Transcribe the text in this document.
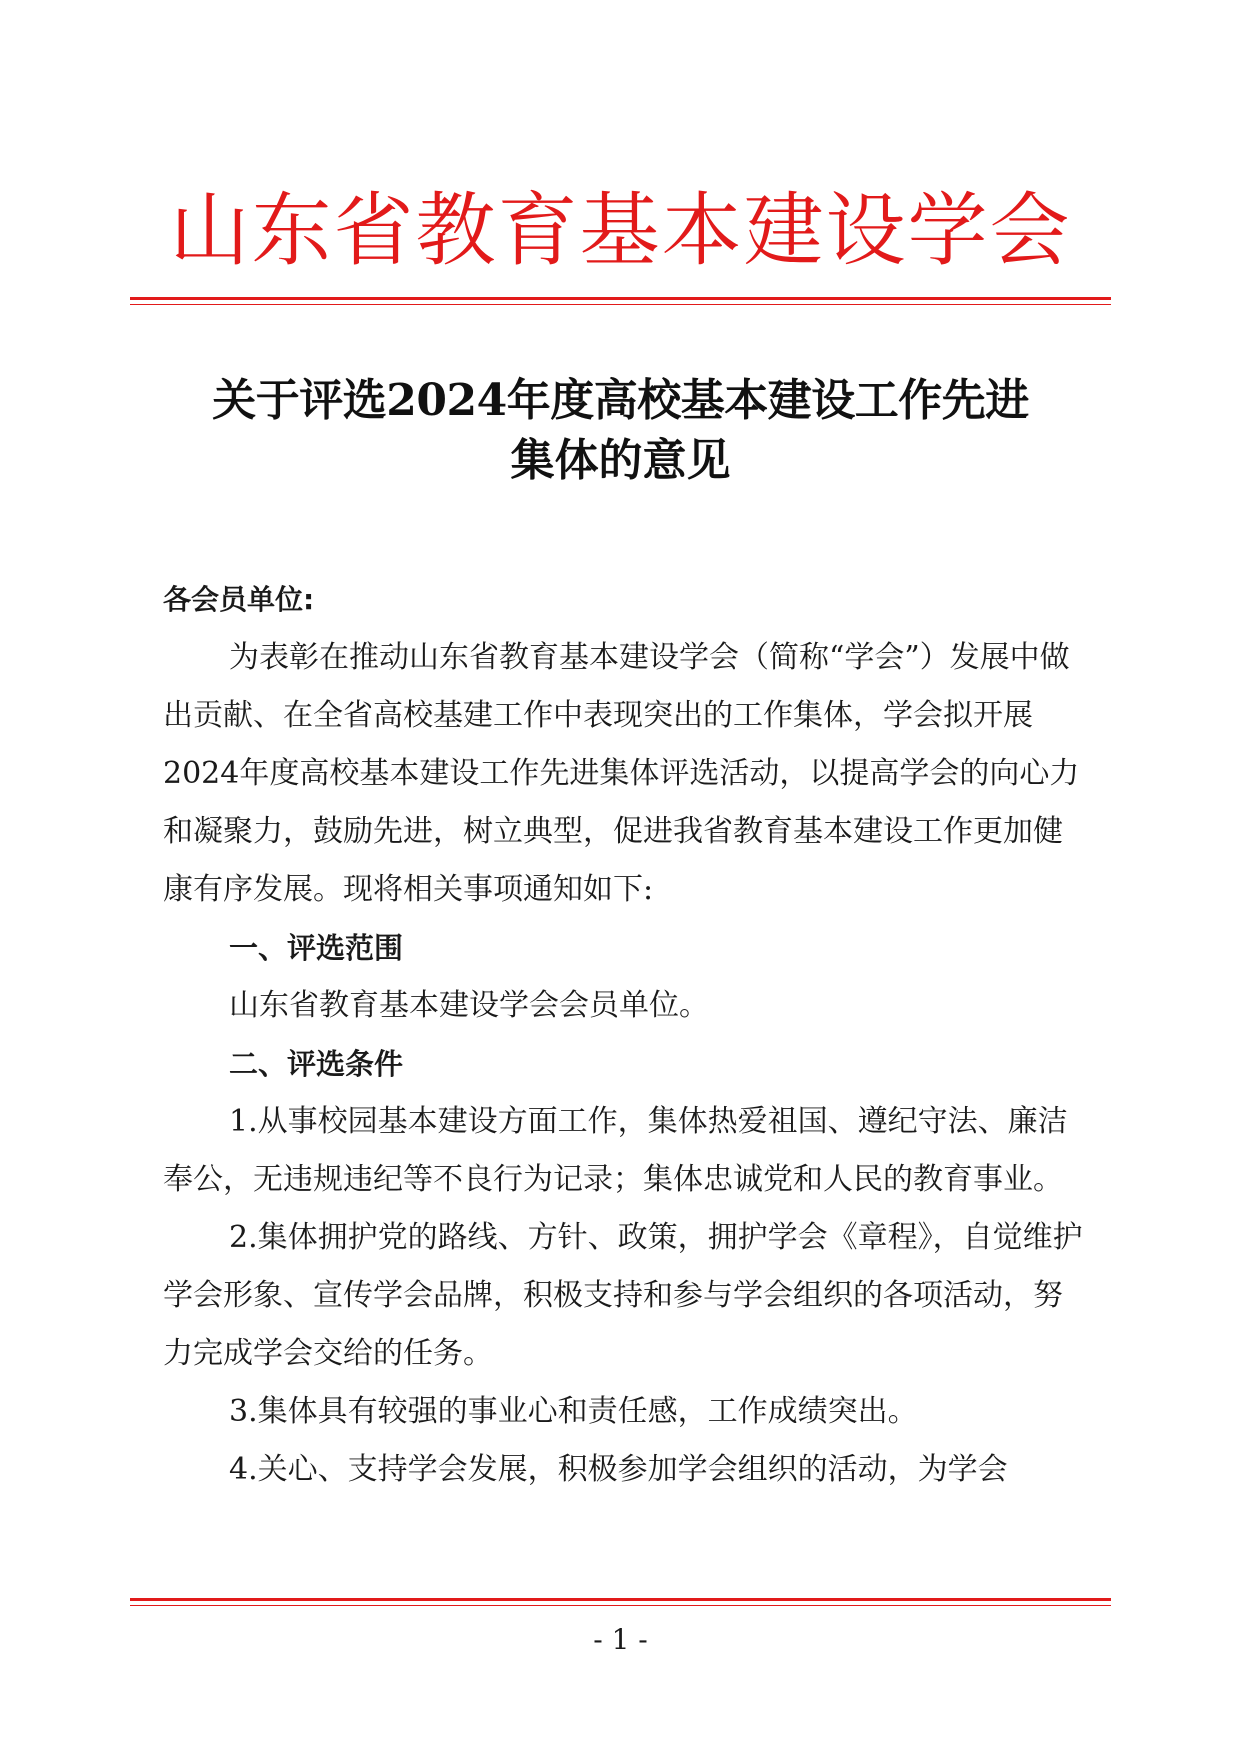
山东省教育基本建设学会
关于评选2024年度高校基本建设工作先进
集体的意见

各会员单位:

为表彰在推动山东省教育基本建设学会（简称“学会”）发展中做出贡献、在全省高校基建工作中表现突出的工作集体，学会拟开展 2024年度高校基本建设工作先进集体评选活动，以提高学会的向心力和凝聚力，鼓励先进，树立典型，促进我省教育基本建设工作更加健康有序发展。现将相关事项通知如下:

一、评选范围

山东省教育基本建设学会会员单位。

二、评选条件

1.从事校园基本建设方面工作，集体热爱祖国、遵纪守法、廉洁奉公，无违规违纪等不良行为记录；集体忠诚党和人民的教育事业。

2.集体拥护党的路线、方针、政策，拥护学会《章程》，自觉维护学会形象、宣传学会品牌，积极支持和参与学会组织的各项活动，努力完成学会交给的任务。

3.集体具有较强的事业心和责任感，工作成绩突出。

4.关心、支持学会发展，积极参加学会组织的活动，为学会

- 1 -
